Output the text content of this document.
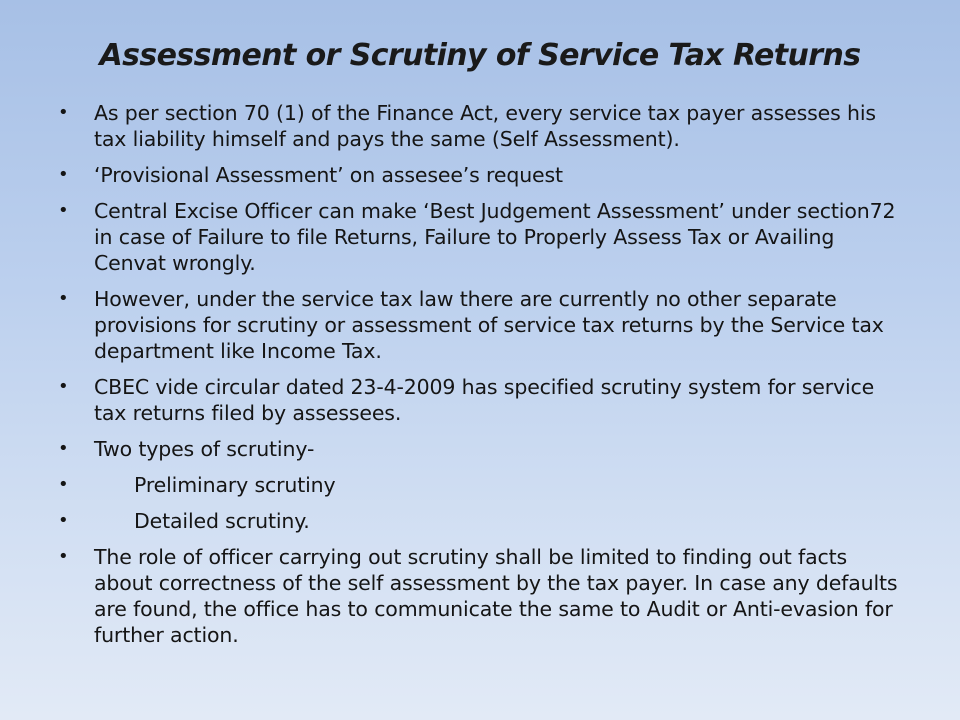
Assessment or Scrutiny of Service Tax Returns
•	As per section 70 (1) of the Finance Act, every service tax payer assesses his tax liability himself and pays the same (Self Assessment).
•	‘Provisional Assessment’ on assesee’s request
•	Central Excise Officer can make ‘Best Judgement Assessment’ under section72 in case of Failure to file Returns, Failure to Properly Assess Tax or Availing Cenvat wrongly.
•	However, under the service tax law there are currently no other separate provisions for scrutiny or assessment of service tax returns by the Service tax department like Income Tax.
•	CBEC vide circular dated 23-4-2009 has specified scrutiny system for service tax returns filed by assessees.
•	Two types of scrutiny-
•	Preliminary scrutiny
•	Detailed scrutiny.
•	The role of officer carrying out scrutiny shall be limited to finding out facts about correctness of the self assessment by the tax payer. In case any defaults are found, the office has to communicate the same to Audit or Anti-evasion for further action.
